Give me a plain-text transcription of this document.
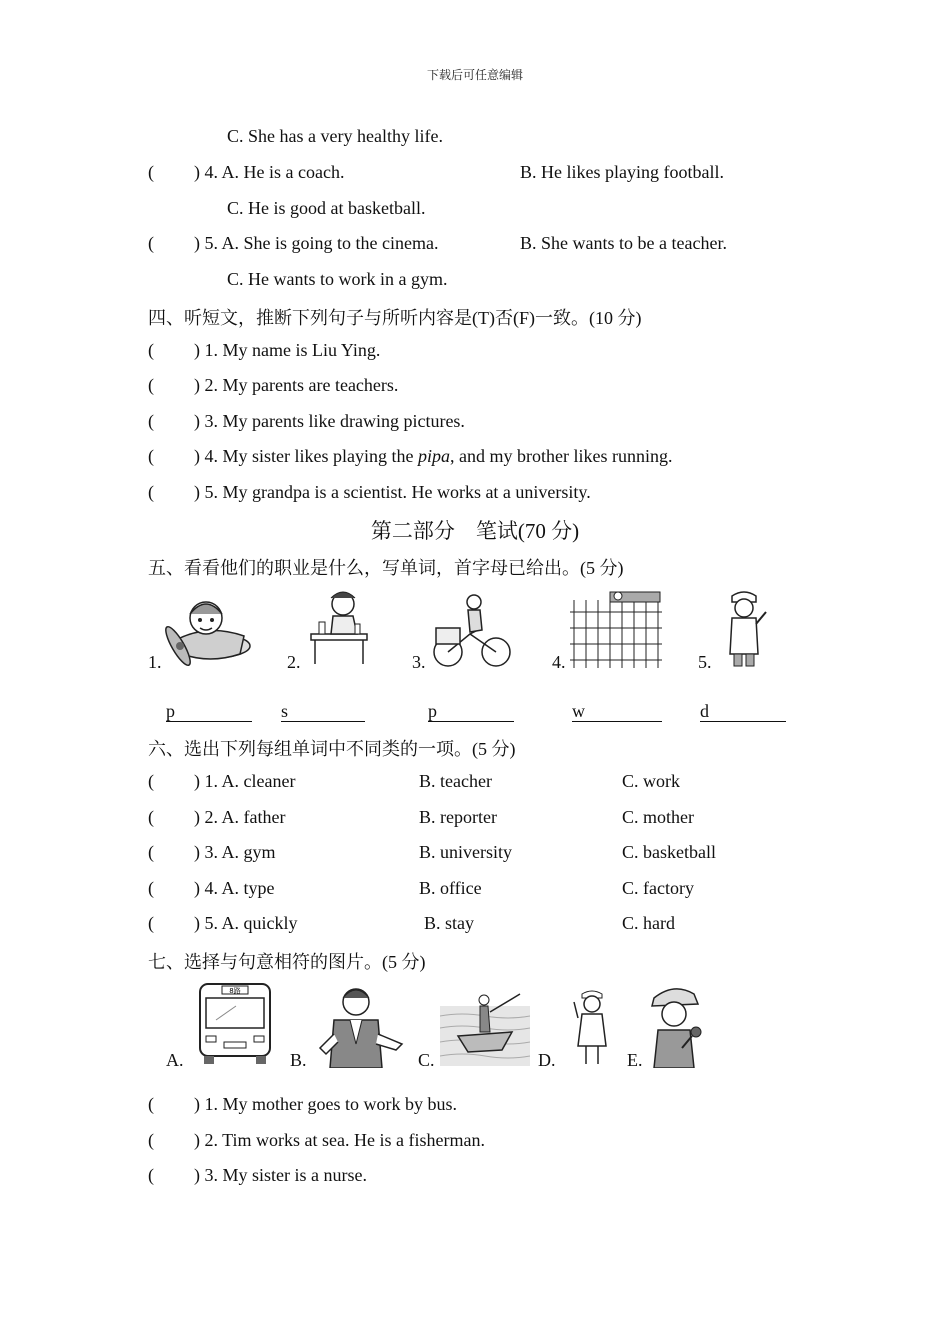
下载后可任意编辑
C. She has a very healthy life.
( ) 4. A. He is a coach.	B. He likes playing football.
C. He is good at basketball.
( ) 5. A. She is going to the cinema.	B. She wants to be a teacher.
C. He wants to work in a gym.
四、听短文，推断下列句子与所听内容是(T)否(F)一致。(10 分)
( ) 1. My name is Liu Ying.
( ) 2. My parents are teachers.
( ) 3. My parents like drawing pictures.
( ) 4. My sister likes playing the pipa, and my brother likes running.
( ) 5. My grandpa is a scientist. He works at a university.
第二部分　笔试(70 分)
五、看看他们的职业是什么，写单词，首字母已给出。(5 分)
1.	2.	3.	4.	5.
p	s	p	w	d
六、选出下列每组单词中不同类的一项。(5 分)
( ) 1. A. cleaner	B. teacher	C. work
( ) 2. A. father	B. reporter	C. mother
( ) 3. A. gym	B. university	C. basketball
( ) 4. A. type	B. office	C. factory
( ) 5. A. quickly	B. stay	C. hard
七、选择与句意相符的图片。(5 分)
A.	B.	C.	D.	E.
8路
( ) 1. My mother goes to work by bus.
( ) 2. Tim works at sea. He is a fisherman.
( ) 3. My sister is a nurse.
